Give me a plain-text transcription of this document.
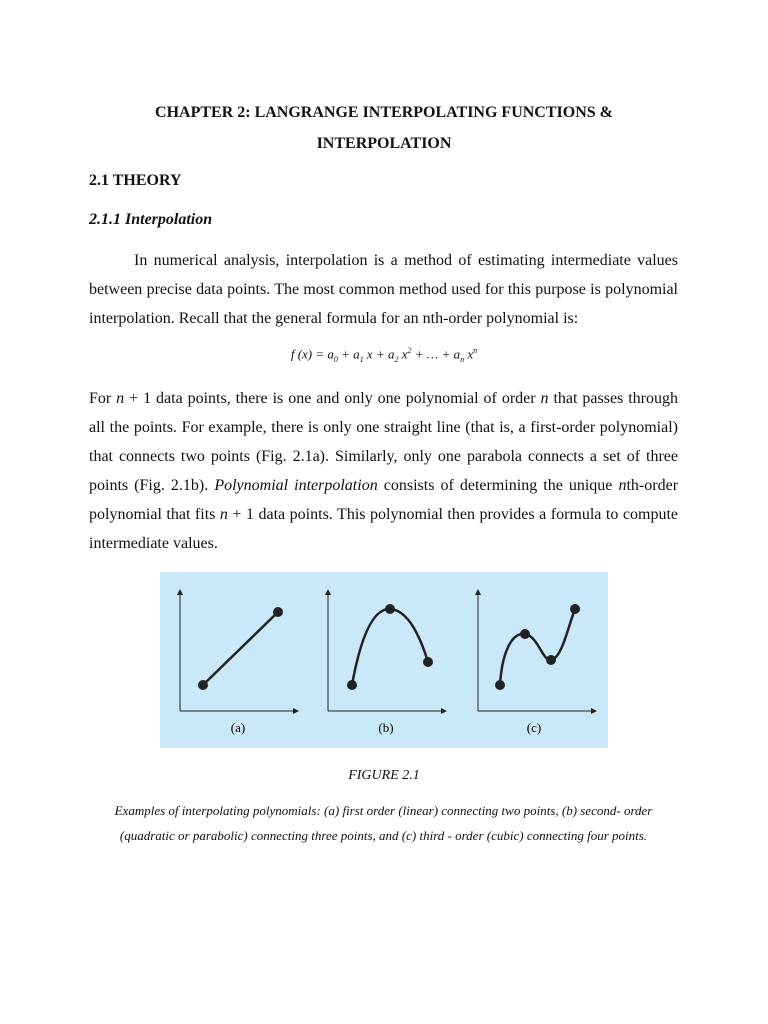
CHAPTER 2: LANGRANGE INTERPOLATING FUNCTIONS & INTERPOLATION
2.1 THEORY
2.1.1 Interpolation
In numerical analysis, interpolation is a method of estimating intermediate values between precise data points. The most common method used for this purpose is polynomial interpolation. Recall that the general formula for an nth-order polynomial is:
f $(x) = a_0 + a_1$ $x + a_2$ $x^2$ + … + $a_n$ $x^n$
For n + 1 data points, there is one and only one polynomial of order n that passes through all the points. For example, there is only one straight line (that is, a first-order polynomial) that connects two points (Fig. 2.1a). Similarly, only one parabola connects a set of three points (Fig. 2.1b). Polynomial interpolation consists of determining the unique nth-order polynomial that fits n + 1 data points. This polynomial then provides a formula to compute intermediate values.
(a)	(b)	(c)
FIGURE 2.1
Examples of interpolating polynomials: (a) first order (linear) connecting two points, (b) second- order (quadratic or parabolic) connecting three points, and (c) third - order (cubic) connecting four points.
